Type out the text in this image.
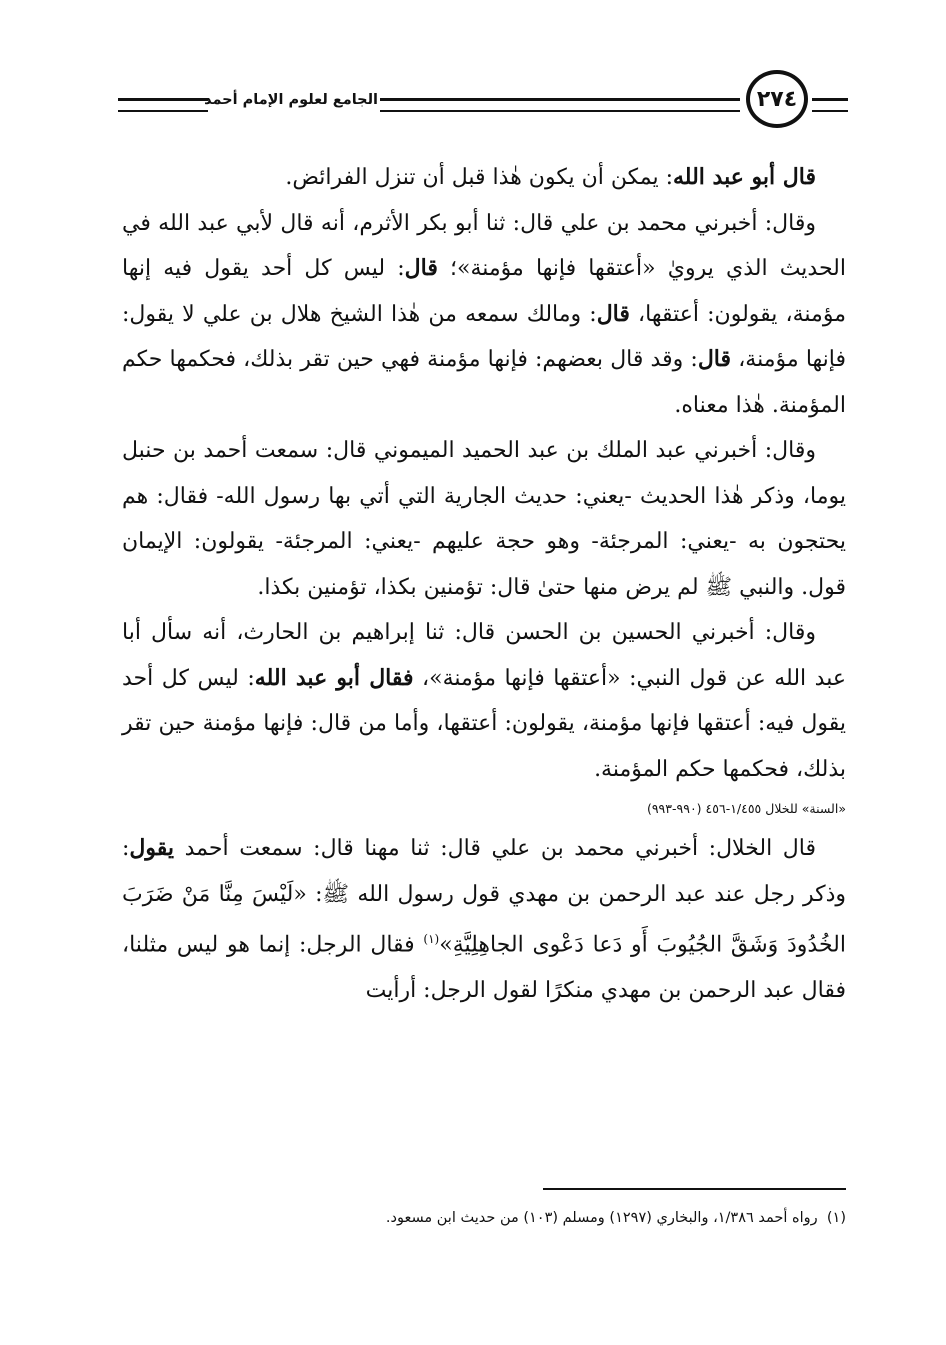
الجامع لعلوم الإمام أحمد	٢٧٤

قال أبو عبد الله: يمكن أن يكون هٰذا قبل أن تنزل الفرائض.

وقال: أخبرني محمد بن علي قال: ثنا أبو بكر الأثرم، أنه قال لأبي عبد الله في الحديث الذي يرويٰ «أعتقها فإنها مؤمنة»؛ قال: ليس كل أحد يقول فيه إنها مؤمنة، يقولون: أعتقها، قال: ومالك سمعه من هٰذا الشيخ هلال بن علي لا يقول: فإنها مؤمنة، قال: وقد قال بعضهم: فإنها مؤمنة فهي حين تقر بذلك، فحكمها حكم المؤمنة. هٰذا معناه.

وقال: أخبرني عبد الملك بن عبد الحميد الميموني قال: سمعت أحمد بن حنبل يوما، وذكر هٰذا الحديث -يعني: حديث الجارية التي أتي بها رسول الله- فقال: هم يحتجون به -يعني: المرجئة- وهو حجة عليهم -يعني: المرجئة- يقولون: الإيمان قول. والنبي ﷺ لم يرض منها حتىٰ قال: تؤمنين بكذا، تؤمنين بكذا.

وقال: أخبرني الحسين بن الحسن قال: ثنا إبراهيم بن الحارث، أنه سأل أبا عبد الله عن قول النبي: «أعتقها فإنها مؤمنة»، فقال أبو عبد الله: ليس كل أحد يقول فيه: أعتقها فإنها مؤمنة، يقولون: أعتقها، وأما من قال: فإنها مؤمنة حين تقر بذلك، فحكمها حكم المؤمنة.

«السنة» للخلال ١/٤٥٥-٤٥٦ (٩٩٠-٩٩٣)

قال الخلال: أخبرني محمد بن علي قال: ثنا مهنا قال: سمعت أحمد يقول: وذكر رجل عند عبد الرحمن بن مهدي قول رسول الله ﷺ: «لَيْسَ مِنَّا مَنْ ضَرَبَ الخُدُودَ وَشَقَّ الجُيُوبَ أَو دَعا دَعْوى الجاهِلِيَّةِ»$^{(١)}$ فقال الرجل: إنما هو ليس مثلنا، فقال عبد الرحمن بن مهدي منكرًا لقول الرجل: أرأيت

(١)  رواه أحمد ١/٣٨٦، والبخاري (١٢٩٧) ومسلم (١٠٣) من حديث ابن مسعود.
